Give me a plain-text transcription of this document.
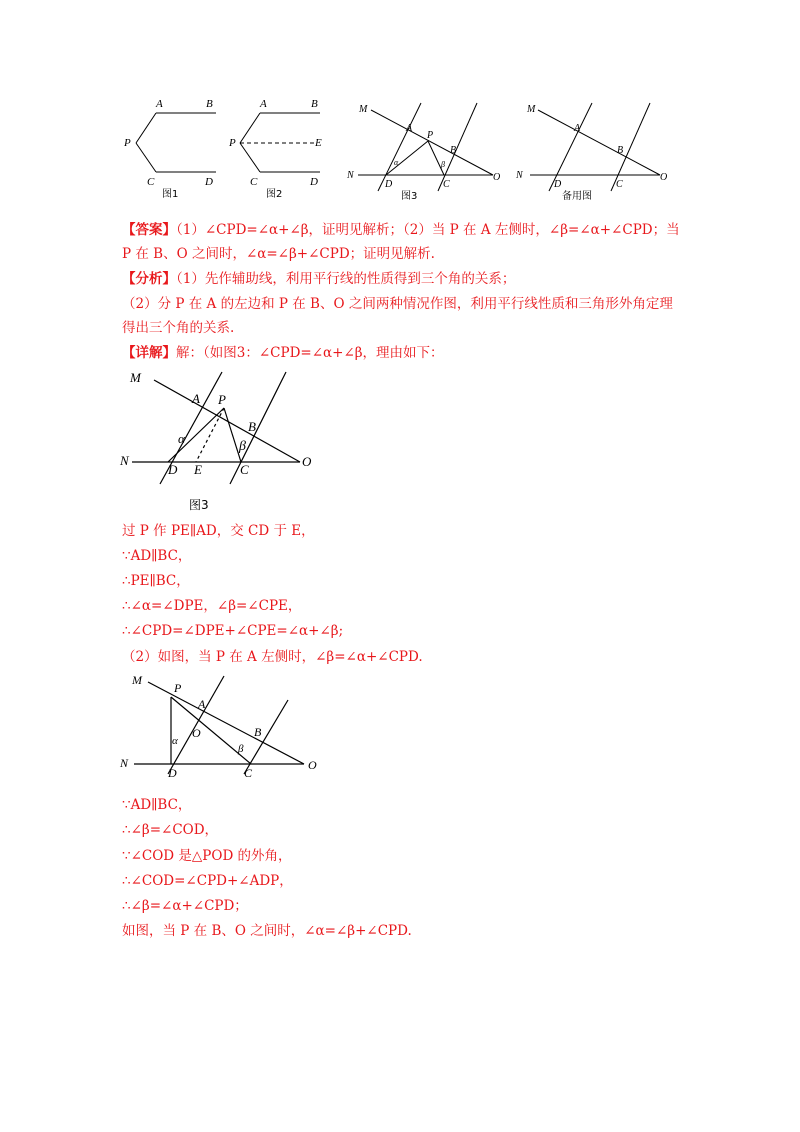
A	B
P
C	D
图1
A	B
P	E
C	D
图2
M
A
P
B
α	β
N
D	C
O
图3
M
A
B
N
D	C
O
备用图
【答案】（1）∠CPD=∠α+∠β，证明见解析；（2）当 P 在 A 左侧时，∠β=∠α+∠CPD；当
P 在 B、O 之间时，∠α=∠β+∠CPD；证明见解析.
【分析】（1）先作辅助线，利用平行线的性质得到三个角的关系；
（2）分 P 在 A 的左边和 P 在 B、O 之间两种情况作图，利用平行线性质和三角形外角定理
得出三个角的关系.
【详解】解：（如图3：∠CPD=∠α+∠β，理由如下：
M
A P
B
α
β
N
D E	C
O
图3
过 P 作 PE∥AD，交 CD 于 E，
∵AD∥BC，
∴PE∥BC，
∴∠α=∠DPE，∠β=∠CPE，
∴∠CPD=∠DPE+∠CPE=∠α+∠β;
（2）如图，当 P 在 A 左侧时，∠β=∠α+∠CPD.
M
P
A
O	B
α
β
N
D	C
O
∵AD∥BC，
∴∠β=∠COD，
∵∠COD 是△POD 的外角，
∴∠COD=∠CPD+∠ADP，
∴∠β=∠α+∠CPD；
如图，当 P 在 B、O 之间时，∠α=∠β+∠CPD.
